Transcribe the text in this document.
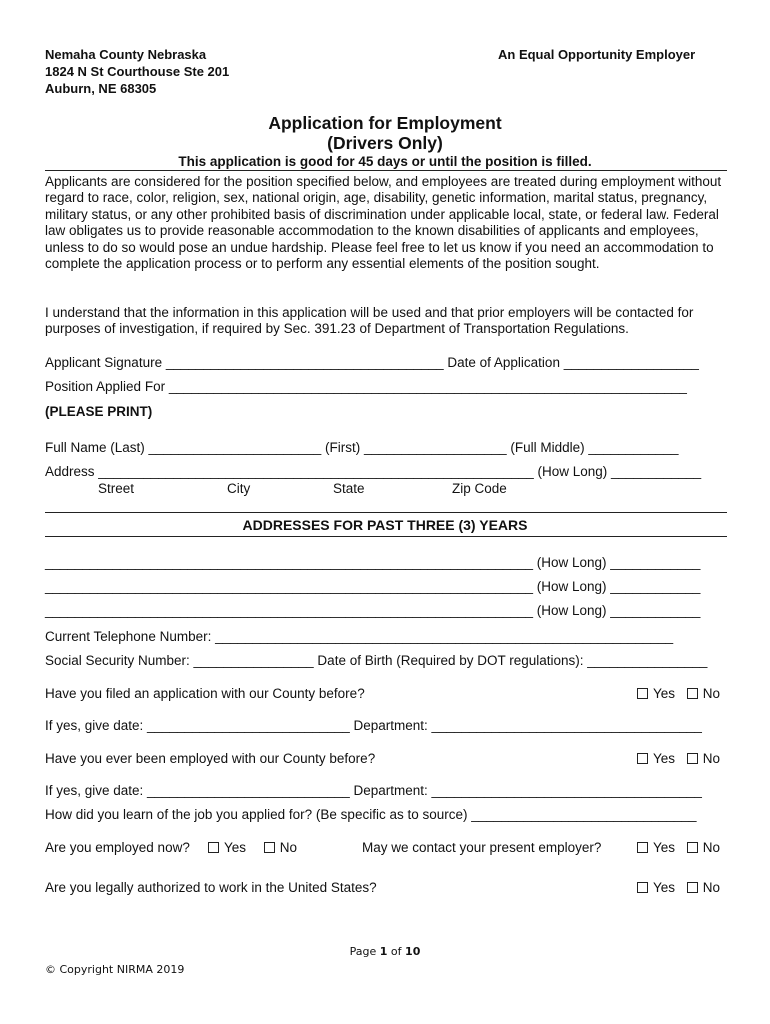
Nemaha County Nebraska
1824 N St Courthouse Ste 201
Auburn, NE 68305
An Equal Opportunity Employer
Application for Employment
(Drivers Only)
This application is good for 45 days or until the position is filled.
Applicants are considered for the position specified below, and employees are treated during employment without regard to race, color, religion, sex, national origin, age, disability, genetic information, marital status, pregnancy, military status, or any other prohibited basis of discrimination under applicable local, state, or federal law. Federal law obligates us to provide reasonable accommodation to the known disabilities of applicants and employees, unless to do so would pose an undue hardship. Please feel free to let us know if you need an accommodation to complete the application process or to perform any essential elements of the position sought.
I understand that the information in this application will be used and that prior employers will be contacted for purposes of investigation, if required by Sec. 391.23 of Department of Transportation Regulations.
Applicant Signature _____________________________________ Date of Application __________________
Position Applied For _____________________________________________________________________
(PLEASE PRINT)
Full Name (Last) _______________________ (First) ___________________ (Full Middle) ____________
Address __________________________________________________________ (How Long) ____________
Street	City	State	Zip Code
ADDRESSES FOR PAST THREE (3) YEARS
_________________________________________________________________ (How Long) ____________
_________________________________________________________________ (How Long) ____________
_________________________________________________________________ (How Long) ____________
Current Telephone Number: _____________________________________________________________
Social Security Number: ________________ Date of Birth (Required by DOT regulations): ________________
Have you filed an application with our County before?	Yes No
If yes, give date: ___________________________ Department: ____________________________________
Have you ever been employed with our County before?	Yes No
If yes, give date: ___________________________ Department: ____________________________________
How did you learn of the job you applied for? (Be specific as to source) ______________________________
Are you employed now?	Yes	No	May we contact your present employer?	Yes No
Are you legally authorized to work in the United States?	Yes No
Page 1 of 10
© Copyright NIRMA 2019
